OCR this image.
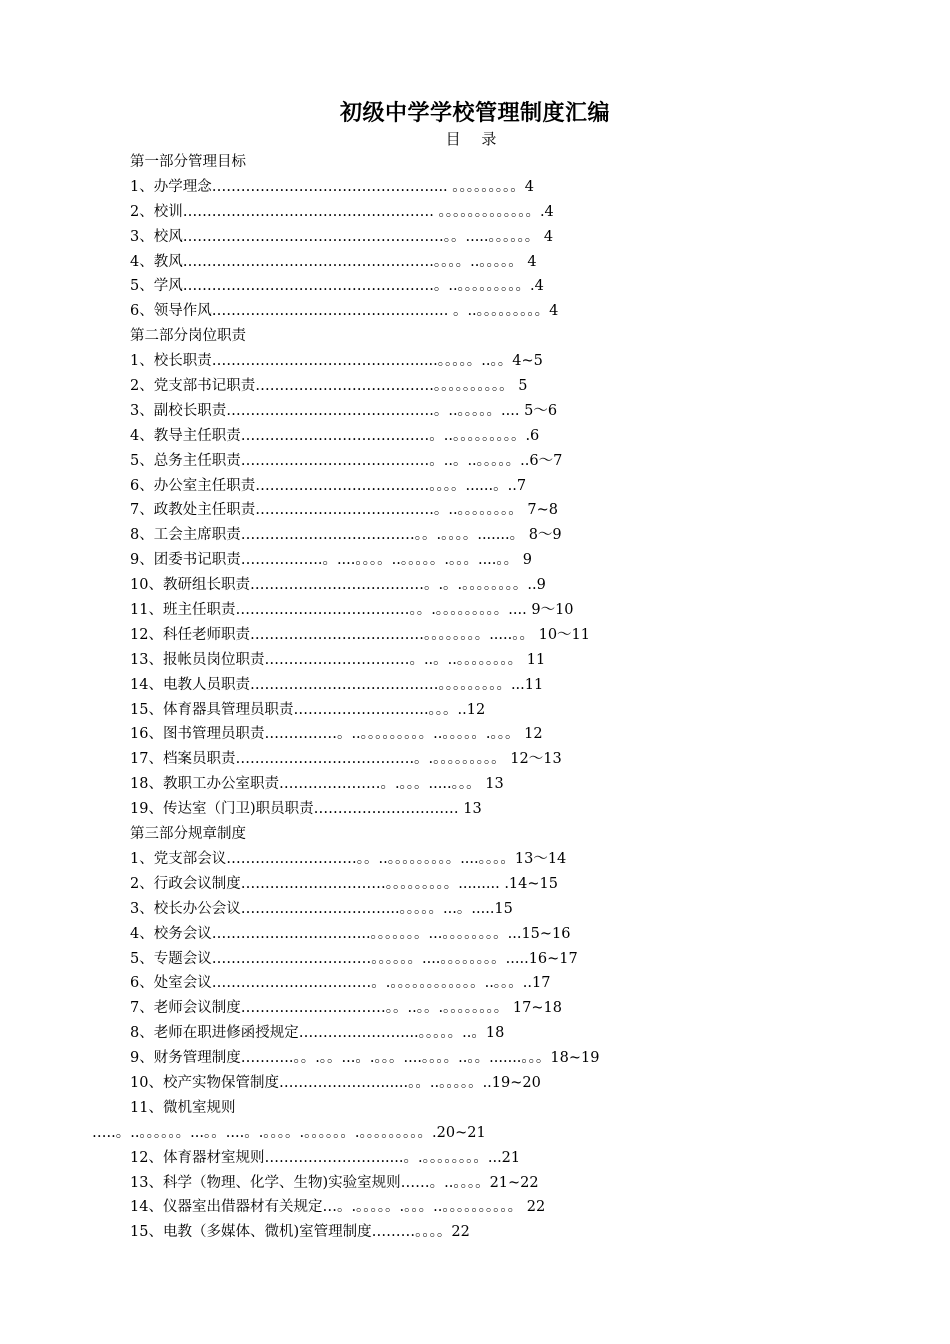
初级中学学校管理制度汇编
目 录
第一部分管理目标
1、办学理念……………………………………….... 。。。。。。。。。4
2、校训……………………………………………. 。。。。。。。。。。。。。.4
3、校风………………………………………………。。.....。。。。。。 4
4、教风…………………………………………….。。。。..。。。。。 4
5、学风…………………………………………….。..。。。。。。。。。.4
6、领导作风…………………………………………. 。..。。。。。。。。。4
第二部分岗位职责
1、校长职责…………………………………….....。。。。。..。。4~5
2、党支部书记职责……………………………….。。。。。。。。。。 5
3、副校长职责…………………………………….。..。。。。。.... 5～6
4、教导主任职责…………………………………。..。。。。。。。。。.6
5、总务主任职责…………………………………。..。..。。。。。..6～7
6、办公室主任职责………………………………。。。。......。..7
7、政教处主任职责……………………………….。..。。。。。。。。 7~8
8、工会主席职责………………………………。。.。。。。.......。 8～9
9、团委书记职责……………..。....。。。。..。。。。。.。。。....。。 9
10、教研组长职责………………………………。.。.。。。。。。。。..9
11、班主任职责………………………………。。.。。。。。。。。。.... 9～10
12、科任老师职责………………………………。。。。。。。。.....。。 10～11
13、报帐员岗位职责…………………………。..。..。。。。。。。。 11
14、电教人员职责…………………………………。。。。。。。。。...11
15、体育器具管理员职责……………………….。。。..12
16、图书管理员职责……………。..。。。。。。。。。..。。。。。.。。。 12
17、档案员职责……………………………….。.。。。。。。。。。 12～13
18、教职工办公室职责…………………。.。。。.....。。。 13
19、传达室（门卫)职员职责………………………… 13
第三部分规章制度
1、党支部会议………………………。。..。。。。。。。。。....。。。。13～14
2、行政会议制度…………………………。。。。。。。。。......... .14~15
3、校长办公会议…………………………...。。。。。...。.....15
4、校务会议…………………………...。。。。。。。...。。。。。。。。...15~16
5、专题会议……………………………。。。。。。....。。。。。。。。.....16~17
6、处室会议……………………………。.。。。。。。。。。。。。..。。。..17
7、老师会议制度…………………………。。..。。.。。。。。。。。 17~18
8、老师在职进修函授规定…………………....。。。。。..。18
9、财务管理制度………..。。.。。...。.。。。....。。。。..。。.......。。。18~19
10、校产实物保管制度…………………......。。..。。。。。..19~20
11、微机室规则
…..。..。。。。。。...。。....。.。。。。.。。。。。。.。。。。。。。。。.20~21
12、体育器材室规则…………………….....。.。。。。。。。。...21
13、科学（物理、化学、生物)实验室规则……。..。。。。21~22
14、仪器室出借器材有关规定…。.。。。。。.。。。..。。。。。。。。。。 22
15、电教（多媒体、微机)室管理制度………。。。。22
